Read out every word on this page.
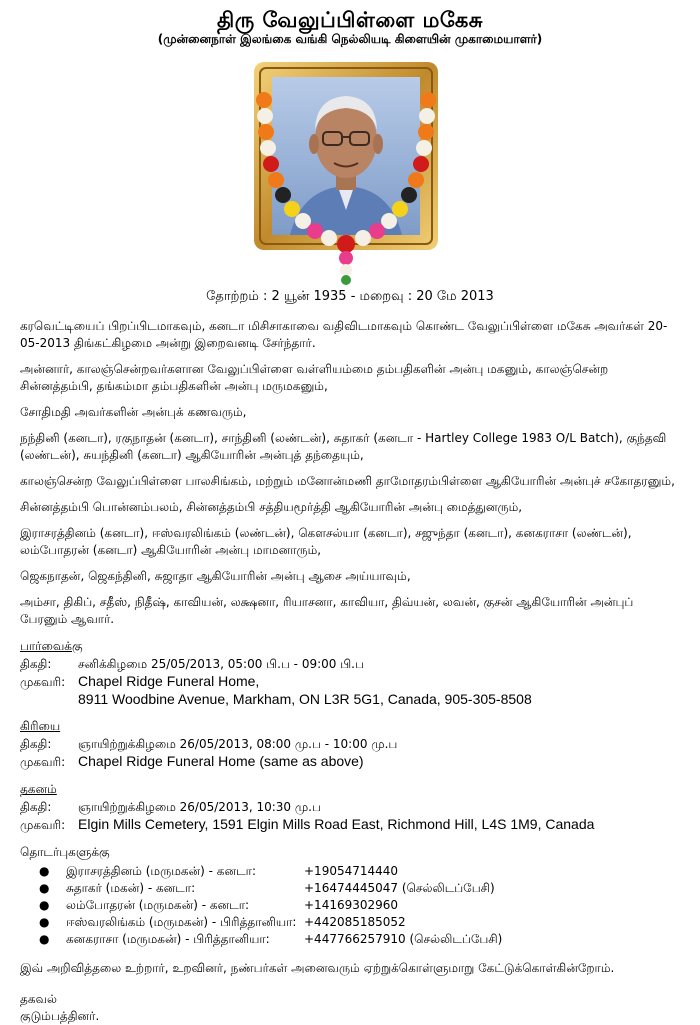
திரு வேலுப்பிள்ளை மகேசு
(முன்னைநாள் இலங்கை வங்கி நெல்லியடி கிளையின் முகாமையாளர்)
தோற்றம் : 2 யூன் 1935 - மறைவு : 20 மே 2013

கரவெட்டியைப் பிறப்பிடமாகவும், கனடா மிசிசாகாவை வதிவிடமாகவும் கொண்ட வேலுப்பிள்ளை மகேசு அவர்கள் 20-05-2013 திங்கட்கிழமை அன்று இறைவனடி சேர்ந்தார்.

அன்னார், காலஞ்சென்றவர்களான வேலுப்பிள்ளை வள்ளியம்மை தம்பதிகளின் அன்பு மகனும், காலஞ்சென்ற சின்னத்தம்பி, தங்கம்மா தம்பதிகளின் அன்பு மருமகனும்,

சோதிமதி அவர்களின் அன்புக் கணவரும்,

நந்தினி (கனடா), ரகுநாதன் (கனடா), சாந்தினி (லண்டன்), சுதாகர் (கனடா - Hartley College 1983 O/L Batch), குந்தவி (லண்டன்), சுயந்தினி (கனடா) ஆகியோரின் அன்புத் தந்தையும்,

காலஞ்சென்ற வேலுப்பிள்ளை பாலசிங்கம், மற்றும் மனோன்மணி தாமோதரம்பிள்ளை ஆகியோரின் அன்புச் சகோதரனும்,

சின்னத்தம்பி பொன்னம்பலம், சின்னத்தம்பி சத்தியமூர்த்தி ஆகியோரின் அன்பு மைத்துனரும்,

இராசரத்தினம் (கனடா), ஈஸ்வரலிங்கம் (லண்டன்), கௌசல்யா (கனடா), சஜுந்தா (கனடா), கனகராசா (லண்டன்), லம்போதரன் (கனடா) ஆகியோரின் அன்பு மாமனாரும்,

ஜெகநாதன், ஜெகந்தினி, சுஜாதா ஆகியோரின் அன்பு ஆசை அய்யாவும்,

அம்சா, திகிப், சதீஸ், நிதீஷ், காவியன், லக்ஷனா, ரியாசனா, காவியா, திவ்யன், லவன், குசன் ஆகியோரின் அன்புப் பேரனும் ஆவார்.

பார்வைக்கு
திகதி:	சனிக்கிழமை 25/05/2013, 05:00 பி.ப - 09:00 பி.ப
முகவரி: Chapel Ridge Funeral Home,
8911 Woodbine Avenue, Markham, ON L3R 5G1, Canada, 905-305-8508
கிரியை
திகதி:	ஞாயிற்றுக்கிழமை 26/05/2013, 08:00 மு.ப - 10:00 மு.ப
முகவரி: Chapel Ridge Funeral Home (same as above)
தகனம்
திகதி:	ஞாயிற்றுக்கிழமை 26/05/2013, 10:30 மு.ப
முகவரி: Elgin Mills Cemetery, 1591 Elgin Mills Road East, Richmond Hill, L4S 1M9, Canada
தொடர்புகளுக்கு
●	இராசரத்தினம் (மருமகன்) - கனடா:	+19054714440
●	சுதாகர் (மகன்) - கனடா:	+16474445047 (செல்லிடப்பேசி)
●	லம்போதரன் (மருமகன்) - கனடா:	+14169302960
●	ஈஸ்வரலிங்கம் (மருமகன்) - பிரித்தானியா: +442085185052
●	கனகராசா (மருமகன்) - பிரித்தானியா:	+447766257910 (செல்லிடப்பேசி)
இவ் அறிவித்தலை உற்றார், உறவினர், நண்பர்கள் அனைவரும் ஏற்றுக்கொள்ளுமாறு கேட்டுக்கொள்கின்றோம்.
தகவல்
குடும்பத்தினர்.
